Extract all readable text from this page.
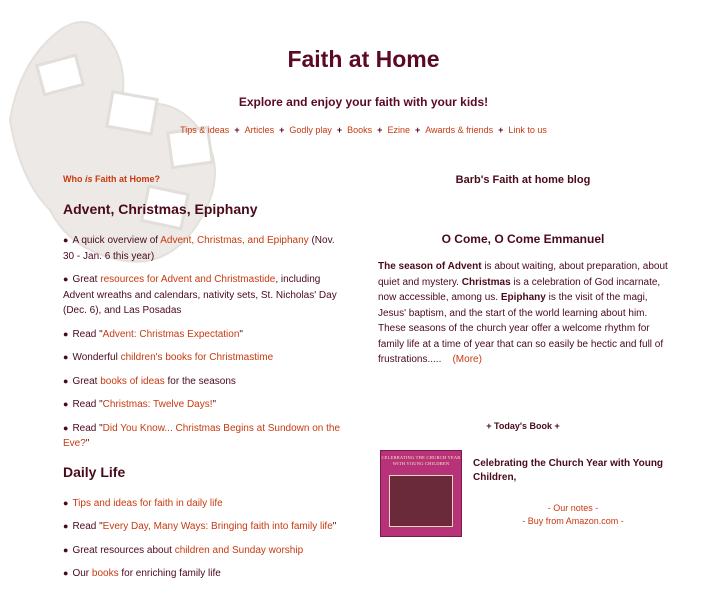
Faith at Home
Explore and enjoy your faith with your kids!
Tips & ideas + Articles + Godly play + Books + Ezine + Awards & friends + Link to us
Who is Faith at Home?
Advent, Christmas, Epiphany
● A quick overview of Advent, Christmas, and Epiphany (Nov. 30 - Jan. 6 this year)
● Great resources for Advent and Christmastide, including Advent wreaths and calendars, nativity sets, St. Nicholas' Day (Dec. 6), and Las Posadas
● Read "Advent: Christmas Expectation"
● Wonderful children's books for Christmastime
● Great books of ideas for the seasons
● Read "Christmas: Twelve Days!"
● Read "Did You Know... Christmas Begins at Sundown on the Eve?"
Daily Life
● Tips and ideas for faith in daily life
● Read "Every Day, Many Ways: Bringing faith into family life"
● Great resources about children and Sunday worship
● Our books for enriching family life
Barb's Faith at home blog
O Come, O Come Emmanuel
The season of Advent is about waiting, about preparation, about quiet and mystery. Christmas is a celebration of God incarnate, now accessible, among us. Epiphany is the visit of the magi, Jesus' baptism, and the start of the world learning about him. These seasons of the church year offer a welcome rhythm for family life at a time of year that can so easily be hectic and full of frustrations.....    (More)
+ Today's Book +
CELEBRATING THE CHURCH YEAR WITH YOUNG CHILDREN	Celebrating the Church Year with Young Children,
- Our notes -
- Buy from Amazon.com -
